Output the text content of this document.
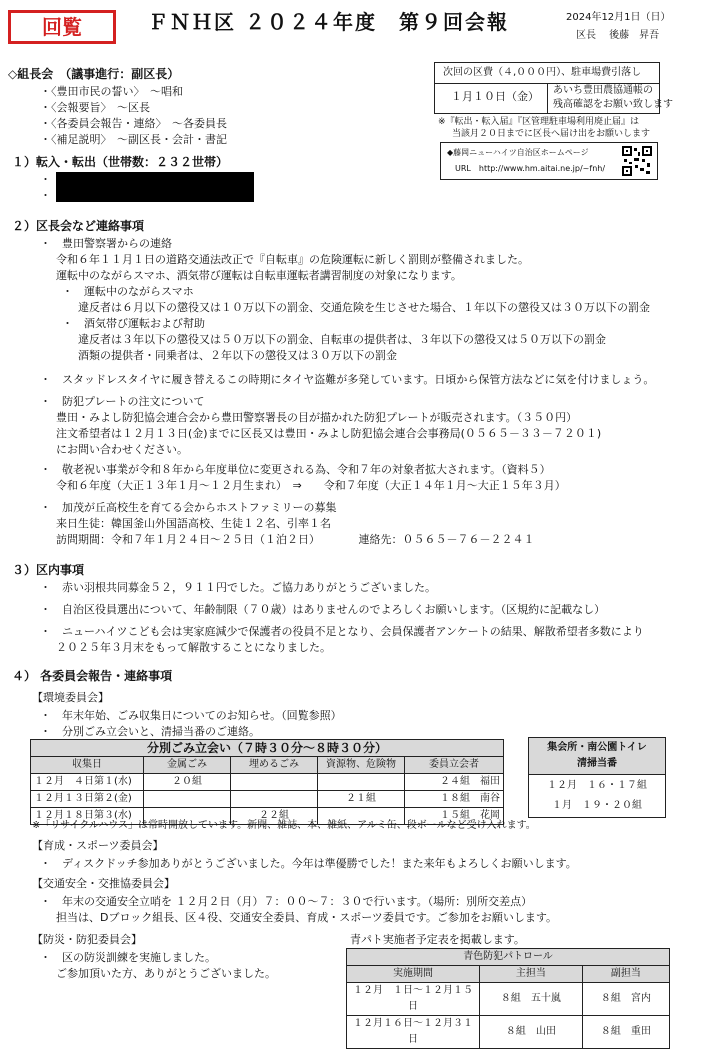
回覧	ＦＮＨ区 ２０２４年度　第９回会報	2024年12月1日（日）
区長　 後藤　昇吾
次回の区費（４,０００円）、駐車場費引落し
１月１０日（金） あいち豊田農協通帳の
残高確認をお願い致します
※『転出・転入届』『区管理駐車場利用廃止届』は
当該月２０日までに区長へ届け出をお願いします
◆藤岡ニューハイツ自治区ホームページ
URL　http://www.hm.aitai.ne.jp/~fnh/
◇組長会　（議事進行：副区長）
・〈豊田市民の誓い〉　～唱和
・〈会報要旨〉　～区長
・〈各委員会報告・連絡〉　～各委員長
・〈補足説明〉　～副区長・会計・書記
１）転入・転出（世帯数：２３２世帯）
・
・
２）区長会など連絡事項
・　豊田警察署からの連絡
令和６年１１月１日の道路交通法改正で『自転車』の危険運転に新しく罰則が整備されました。
運転中のながらスマホ、酒気帯び運転は自転車運転者講習制度の対象になります。
・　運転中のながらスマホ
違反者は６月以下の懲役又は１０万以下の罰金、交通危険を生じさせた場合、１年以下の懲役又は３０万以下の罰金
・　酒気帯び運転および幇助
違反者は３年以下の懲役又は５０万以下の罰金、自転車の提供者は、３年以下の懲役又は５０万以下の罰金
酒類の提供者・同乗者は、２年以下の懲役又は３０万以下の罰金
・　スタッドレスタイヤに履き替えるこの時期にタイヤ盗難が多発しています。日頃から保管方法などに気を付けましょう。
・　防犯プレートの注文について
豊田・みよし防犯協会連合会から豊田警察署長の目が描かれた防犯プレートが販売されます。（３５０円）
注文希望者は１２月１３日(金)までに区長又は豊田・みよし防犯協会連合会事務局(０５６５－３３－７２０１)
にお問い合わせください。
・　敬老祝い事業が令和８年から年度単位に変更される為、令和７年の対象者拡大されます。（資料５）
令和６年度（大正１３年１月～１２月生まれ）　⇒　　令和７年度（大正１４年１月～大正１５年３月）
・　加茂が丘高校生を育てる会からホストファミリーの募集
来日生徒：韓国釜山外国語高校、生徒１２名、引率１名
訪問期間：令和７年１月２４日～２５日（１泊２日）　　　　連絡先：０５６５－７６－２２４１
３）区内事項
・　赤い羽根共同募金５２，９１１円でした。ご協力ありがとうございました。
・　自治区役員選出について、年齢制限（７０歳）はありませんのでよろしくお願いします。（区規約に記載なし）
・　ニューハイツこども会は実家庭減少で保護者の役員不足となり、会員保護者アンケートの結果、解散希望者多数により
２０２５年３月末をもって解散することになりました。
４） 各委員会報告・連絡事項
【環境委員会】
・　年末年始、ごみ収集日についてのお知らせ。（回覧参照）
・　分別ごみ立会いと、清掃当番のご連絡。
分別ごみ立会い（７時３０分～８時３０分）				
収集日	金属ごみ	埋めるごみ	資源物、危険物	委員立会者
１２月　４日第１(水)	２０組			２４組　福田
１２月１３日第２(金)			２１組	１８組　南谷
１２月１８日第３(水)		２２組		１５組　花岡
集会所・南公園トイレ
清掃当番

１２月　１６・１７組
１月　１９・２０組
※「リサイクルハウス」は常時開放しています。新聞、雑誌、本、雑紙、アルミ缶、段ボールなど受け入れます。
【育成・スポーツ委員会】
・　ディスクドッチ参加ありがとうございました。今年は準優勝でした！また来年もよろしくお願いします。
【交通安全・交推協委員会】
・　年末の交通安全立哨を １２月２日（月）７：００～７：３０で行います。（場所：別所交差点）
担当は、Dブロック組長、区４役、交通安全委員、育成・スポーツ委員です。ご参加をお願いします。
【防災・防犯委員会】
・　区の防災訓練を実施しました。
ご参加頂いた方、ありがとうございました。
青パト実施者予定表を掲載します。
青色防犯パトロール		
実施期間	主担当	副担当
１２月　１日～１２月１５日	８組　五十嵐	８組　宮内
１２月１６日～１２月３１日	８組　山田	８組　重田
